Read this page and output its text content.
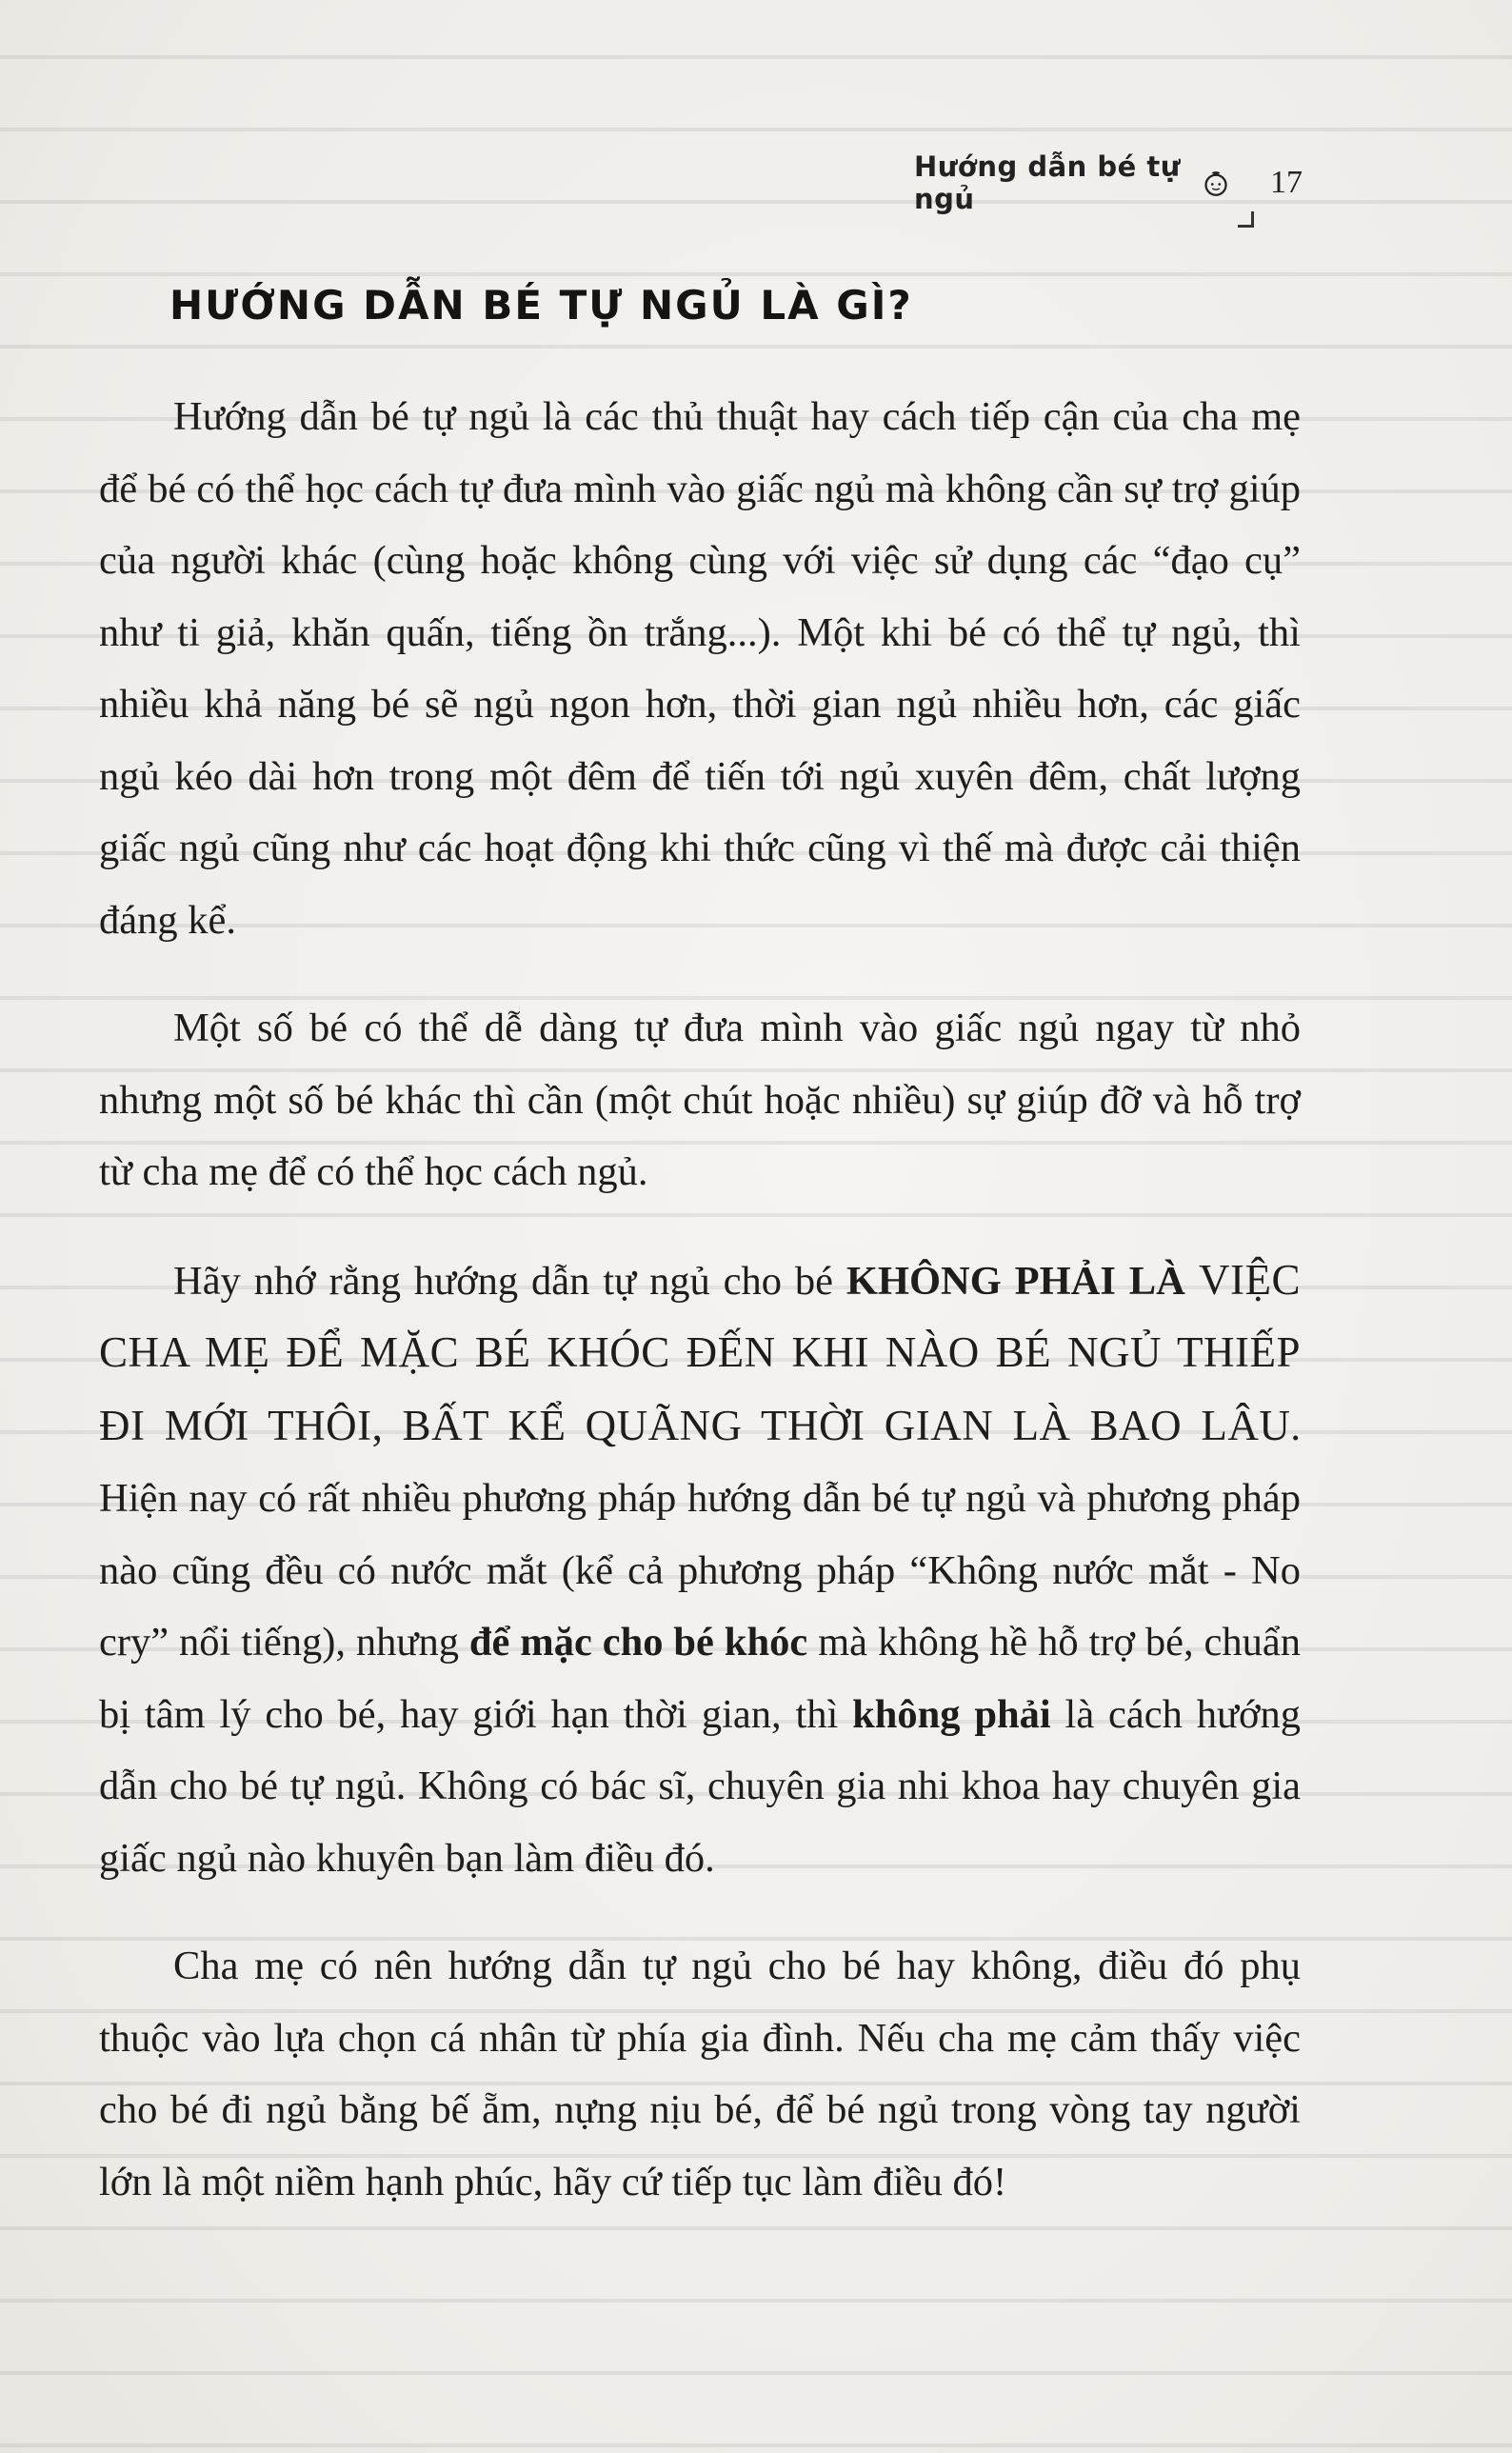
Hướng dẫn bé tự ngủ	17
HƯỚNG DẪN BÉ TỰ NGỦ LÀ GÌ?

Hướng dẫn bé tự ngủ là các thủ thuật hay cách tiếp cận của cha mẹ để bé có thể học cách tự đưa mình vào giấc ngủ mà không cần sự trợ giúp của người khác (cùng hoặc không cùng với việc sử dụng các “đạo cụ” như ti giả, khăn quấn, tiếng ồn trắng...). Một khi bé có thể tự ngủ, thì nhiều khả năng bé sẽ ngủ ngon hơn, thời gian ngủ nhiều hơn, các giấc ngủ kéo dài hơn trong một đêm để tiến tới ngủ xuyên đêm, chất lượng giấc ngủ cũng như các hoạt động khi thức cũng vì thế mà được cải thiện đáng kể.

Một số bé có thể dễ dàng tự đưa mình vào giấc ngủ ngay từ nhỏ nhưng một số bé khác thì cần (một chút hoặc nhiều) sự giúp đỡ và hỗ trợ từ cha mẹ để có thể học cách ngủ.

Hãy nhớ rằng hướng dẫn tự ngủ cho bé KHÔNG PHẢI LÀ VIỆC CHA MẸ ĐỂ MẶC BÉ KHÓC ĐẾN KHI NÀO BÉ NGỦ THIẾP ĐI MỚI THÔI, BẤT KỂ QUÃNG THỜI GIAN LÀ BAO LÂU. Hiện nay có rất nhiều phương pháp hướng dẫn bé tự ngủ và phương pháp nào cũng đều có nước mắt (kể cả phương pháp “Không nước mắt - No cry” nổi tiếng), nhưng để mặc cho bé khóc mà không hề hỗ trợ bé, chuẩn bị tâm lý cho bé, hay giới hạn thời gian, thì không phải là cách hướng dẫn cho bé tự ngủ. Không có bác sĩ, chuyên gia nhi khoa hay chuyên gia giấc ngủ nào khuyên bạn làm điều đó.

Cha mẹ có nên hướng dẫn tự ngủ cho bé hay không, điều đó phụ thuộc vào lựa chọn cá nhân từ phía gia đình. Nếu cha mẹ cảm thấy việc cho bé đi ngủ bằng bế ẵm, nựng nịu bé, để bé ngủ trong vòng tay người lớn là một niềm hạnh phúc, hãy cứ tiếp tục làm điều đó!
